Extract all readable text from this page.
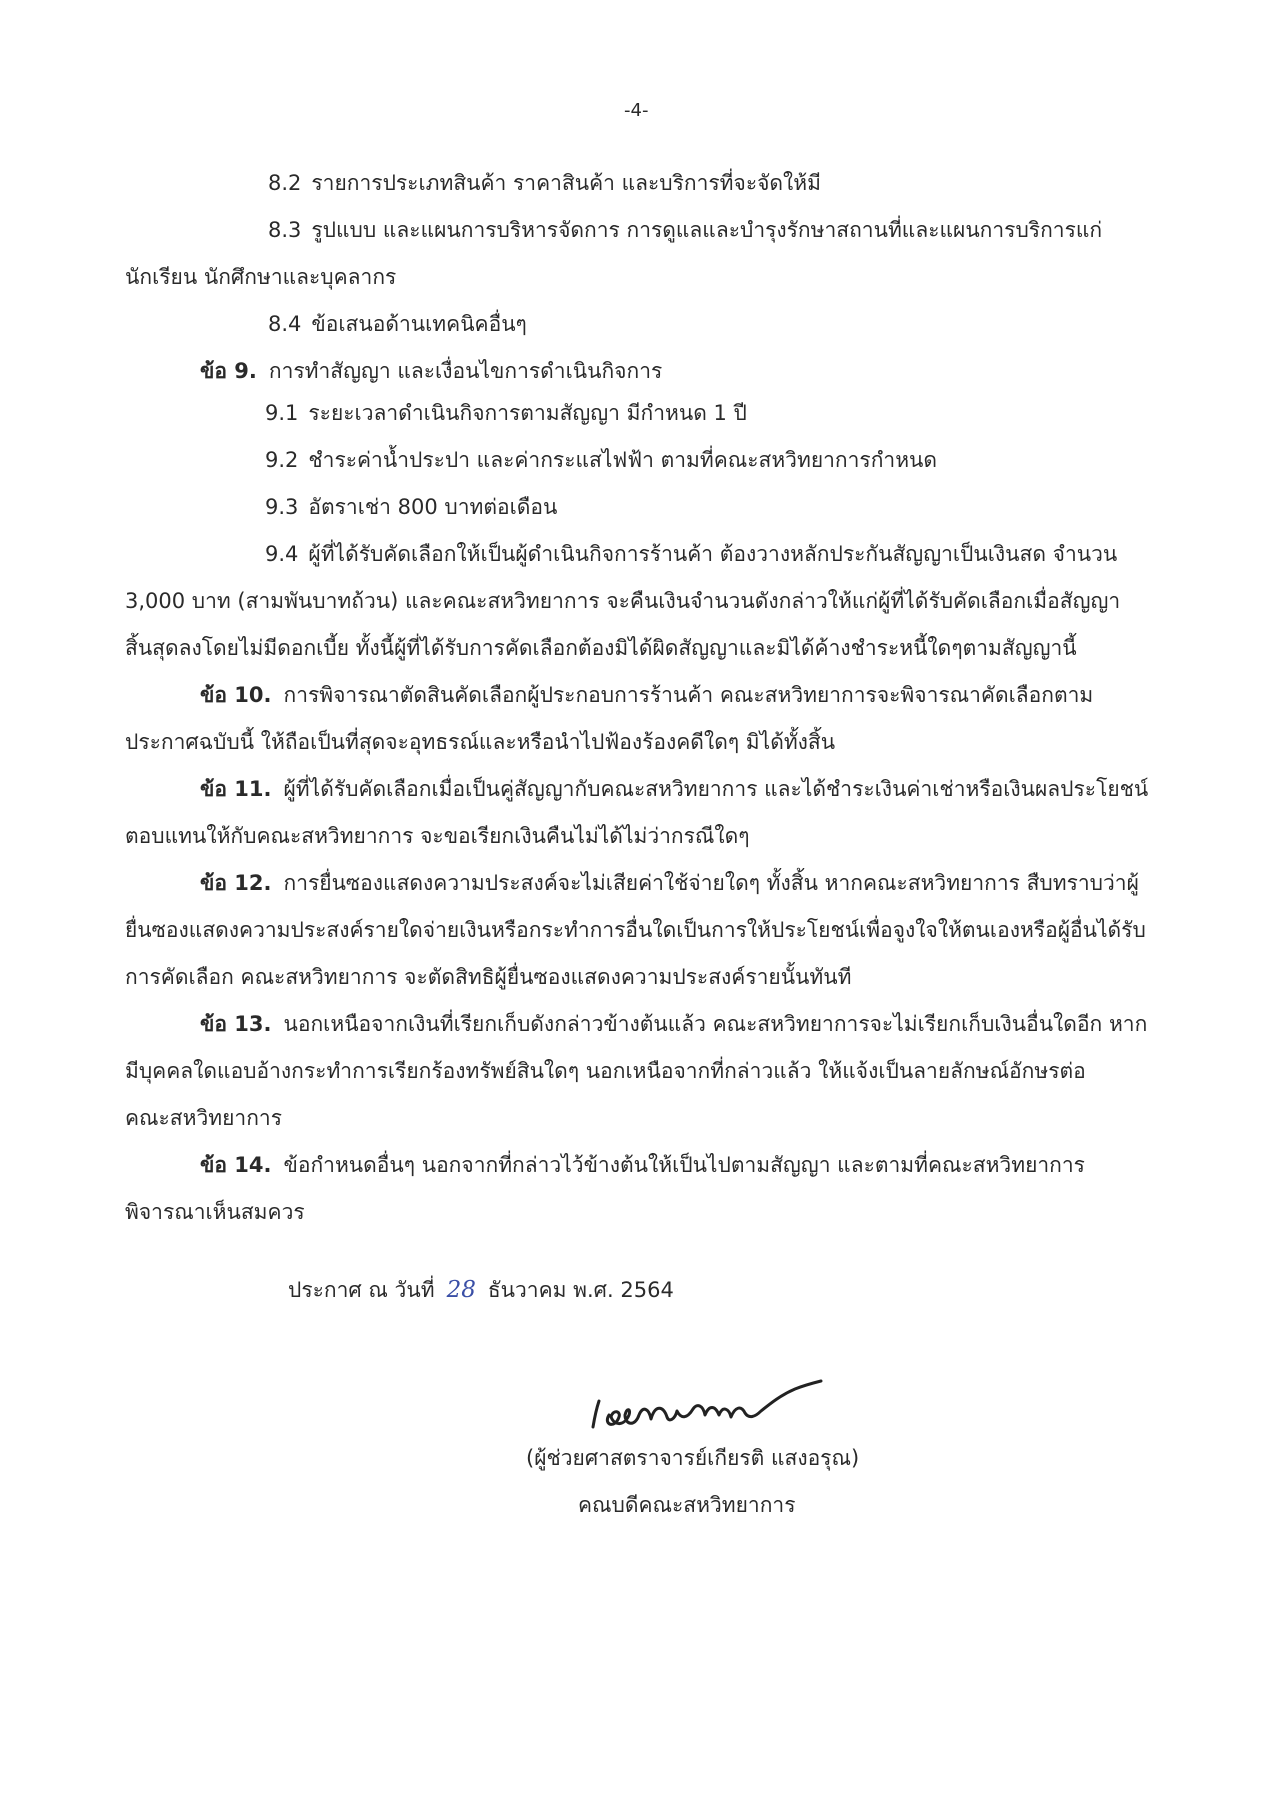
-4-
8.2 รายการประเภทสินค้า ราคาสินค้า และบริการที่จะจัดให้มี
8.3 รูปแบบ และแผนการบริหารจัดการ การดูแลและบำรุงรักษาสถานที่และแผนการบริการแก่
นักเรียน นักศึกษาและบุคลากร
8.4 ข้อเสนอด้านเทคนิคอื่นๆ
ข้อ 9. การทำสัญญา และเงื่อนไขการดำเนินกิจการ
9.1 ระยะเวลาดำเนินกิจการตามสัญญา มีกำหนด 1 ปี
9.2 ชำระค่าน้ำประปา และค่ากระแสไฟฟ้า ตามที่คณะสหวิทยาการกำหนด
9.3 อัตราเช่า 800 บาทต่อเดือน
9.4 ผู้ที่ได้รับคัดเลือกให้เป็นผู้ดำเนินกิจการร้านค้า ต้องวางหลักประกันสัญญาเป็นเงินสด จำนวน
3,000 บาท (สามพันบาทถ้วน) และคณะสหวิทยาการ จะคืนเงินจำนวนดังกล่าวให้แก่ผู้ที่ได้รับคัดเลือกเมื่อสัญญา
สิ้นสุดลงโดยไม่มีดอกเบี้ย ทั้งนี้ผู้ที่ได้รับการคัดเลือกต้องมิได้ผิดสัญญาและมิได้ค้างชำระหนี้ใดๆตามสัญญานี้
ข้อ 10. การพิจารณาตัดสินคัดเลือกผู้ประกอบการร้านค้า คณะสหวิทยาการจะพิจารณาคัดเลือกตาม
ประกาศฉบับนี้ ให้ถือเป็นที่สุดจะอุทธรณ์และหรือนำไปฟ้องร้องคดีใดๆ มิได้ทั้งสิ้น
ข้อ 11. ผู้ที่ได้รับคัดเลือกเมื่อเป็นคู่สัญญากับคณะสหวิทยาการ และได้ชำระเงินค่าเช่าหรือเงินผลประโยชน์
ตอบแทนให้กับคณะสหวิทยาการ จะขอเรียกเงินคืนไม่ได้ไม่ว่ากรณีใดๆ
ข้อ 12. การยื่นซองแสดงความประสงค์จะไม่เสียค่าใช้จ่ายใดๆ ทั้งสิ้น หากคณะสหวิทยาการ สืบทราบว่าผู้
ยื่นซองแสดงความประสงค์รายใดจ่ายเงินหรือกระทำการอื่นใดเป็นการให้ประโยชน์เพื่อจูงใจให้ตนเองหรือผู้อื่นได้รับ
การคัดเลือก คณะสหวิทยาการ จะตัดสิทธิผู้ยื่นซองแสดงความประสงค์รายนั้นทันที
ข้อ 13. นอกเหนือจากเงินที่เรียกเก็บดังกล่าวข้างต้นแล้ว คณะสหวิทยาการจะไม่เรียกเก็บเงินอื่นใดอีก หาก
มีบุคคลใดแอบอ้างกระทำการเรียกร้องทรัพย์สินใดๆ นอกเหนือจากที่กล่าวแล้ว ให้แจ้งเป็นลายลักษณ์อักษรต่อ
คณะสหวิทยาการ
ข้อ 14. ข้อกำหนดอื่นๆ นอกจากที่กล่าวไว้ข้างต้นให้เป็นไปตามสัญญา และตามที่คณะสหวิทยาการ
พิจารณาเห็นสมควร
ประกาศ ณ วันที่ 28 ธันวาคม พ.ศ. 2564
(ผู้ช่วยศาสตราจารย์เกียรติ แสงอรุณ)
คณบดีคณะสหวิทยาการ
